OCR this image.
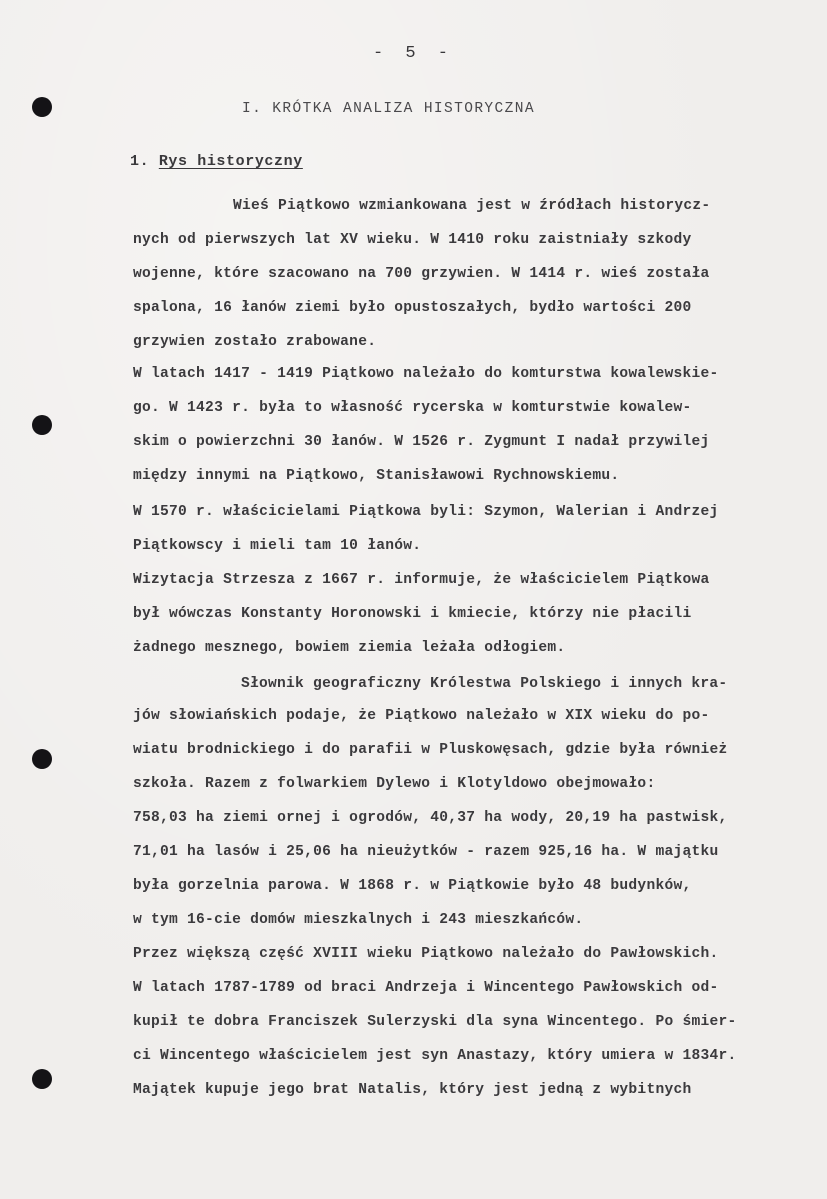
- 5 -
I. KRÓTKA ANALIZA HISTORYCZNA
1. Rys historyczny
Wieś Piątkowo wzmiankowana jest w źródłach historycz-
nych od pierwszych lat XV wieku. W 1410 roku zaistniały szkody
wojenne, które szacowano na 700 grzywien. W 1414 r. wieś została
spalona, 16 łanów ziemi było opustoszałych, bydło wartości 200
grzywien zostało zrabowane.
W latach 1417 - 1419 Piątkowo należało do komturstwa kowalewskie-
go. W 1423 r. była to własność rycerska w komturstwie kowalew-
skim o powierzchni 30 łanów. W 1526 r. Zygmunt I nadał przywilej
między innymi na Piątkowo, Stanisławowi Rychnowskiemu.
W 1570 r. właścicielami Piątkowa byli: Szymon, Walerian i Andrzej
Piątkowscy i mieli tam 10 łanów.
Wizytacja Strzesza z 1667 r. informuje, że właścicielem Piątkowa
był wówczas Konstanty Horonowski i kmiecie, którzy nie płacili
żadnego mesznego, bowiem ziemia leżała odłogiem.
Słownik geograficzny Królestwa Polskiego i innych kra-
jów słowiańskich podaje, że Piątkowo należało w XIX wieku do po-
wiatu brodnickiego i do parafii w Pluskowęsach, gdzie była również
szkoła. Razem z folwarkiem Dylewo i Klotyldowo obejmowało:
758,03 ha ziemi ornej i ogrodów, 40,37 ha wody, 20,19 ha pastwisk,
71,01 ha lasów i 25,06 ha nieużytków - razem 925,16 ha. W majątku
była gorzelnia parowa. W 1868 r. w Piątkowie było 48 budynków,
w tym 16-cie domów mieszkalnych i 243 mieszkańców.
Przez większą część XVIII wieku Piątkowo należało do Pawłowskich.
W latach 1787-1789 od braci Andrzeja i Wincentego Pawłowskich od-
kupił te dobra Franciszek Sulerzyski dla syna Wincentego. Po śmier-
ci Wincentego właścicielem jest syn Anastazy, który umiera w 1834r.
Majątek kupuje jego brat Natalis, który jest jedną z wybitnych
